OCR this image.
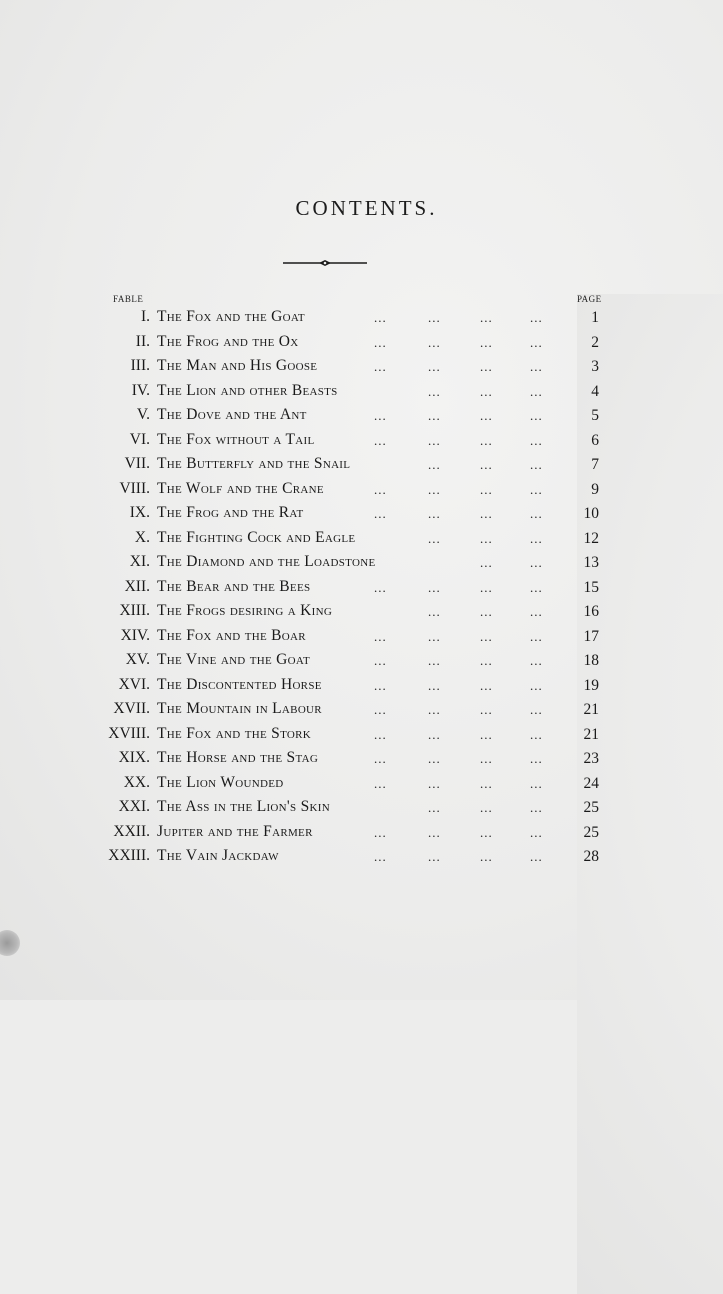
CONTENTS.
FABLE	PAGE
I. The Fox and the Goat	...	...	...	...	1
II. The Frog and the Ox	...	...	...	...	2
III. The Man and His Goose	...	...	...	...	3
IV. The Lion and other Beasts	...	...	...	4
V. The Dove and the Ant	...	...	...	...	5
VI. The Fox without a Tail	...	...	...	...	6
VII. The Butterfly and the Snail	...	...	...	7
VIII. The Wolf and the Crane	...	...	...	...	9
IX. The Frog and the Rat	...	...	...	...	10
X. The Fighting Cock and Eagle	...	...	...	12
XI. The Diamond and the Loadstone	...	...	13
XII. The Bear and the Bees	...	...	...	...	15
XIII. The Frogs desiring a King	...	...	...	16
XIV. The Fox and the Boar	...	...	...	...	17
XV. The Vine and the Goat	...	...	...	...	18
XVI. The Discontented Horse	...	...	...	...	19
XVII. The Mountain in Labour	...	...	...	...	21
XVIII. The Fox and the Stork	...	...	...	...	21
XIX. The Horse and the Stag	...	...	...	...	23
XX. The Lion Wounded	...	...	...	...	24
XXI. The Ass in the Lion's Skin	...	...	...	25
XXII. Jupiter and the Farmer	...	...	...	...	25
XXIII. The Vain Jackdaw	...	...	...	...	28
